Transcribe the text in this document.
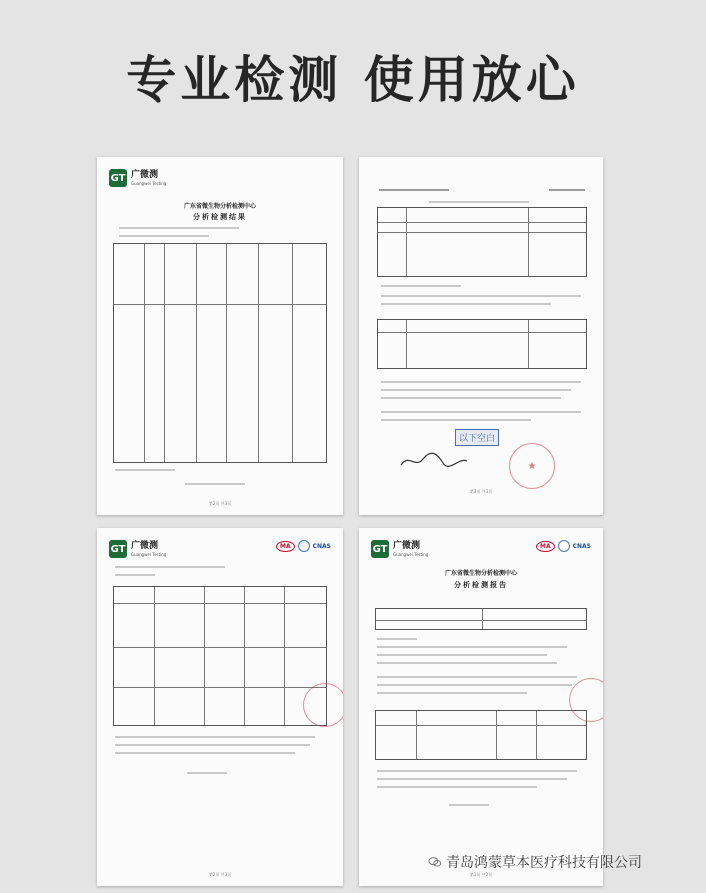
专业检测 使用放心
GT 广微测
Guangwei Testing
广东省微生物分析检测中心
分析检测结果
第2页 共3页
以下空白
★
第3页 共3页
GT 广微测
Guangwei Testing
MA	CNAS
第2页 共3页
GT 广微测
Guangwei Testing
MA	CNAS
广东省微生物分析检测中心
分析检测报告
第1页 共2页
青岛鸿蒙草本医疗科技有限公司
